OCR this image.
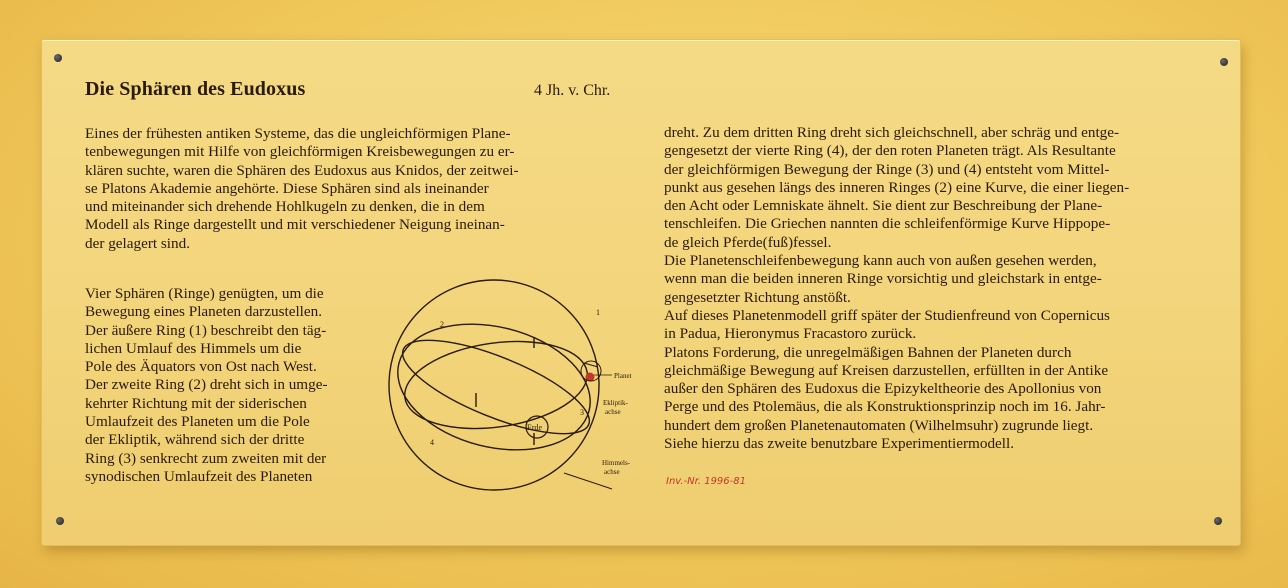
Die Sphären des Eudoxus	4 Jh. v. Chr.
Eines der frühesten antiken Systeme, das die ungleichförmigen Plane-
tenbewegungen mit Hilfe von gleichförmigen Kreisbewegungen zu er-
klären suchte, waren die Sphären des Eudoxus aus Knidos, der zeitwei-
se Platons Akademie angehörte. Diese Sphären sind als ineinander
und miteinander sich drehende Hohlkugeln zu denken, die in dem
Modell als Ringe dargestellt und mit verschiedener Neigung ineinan-
der gelagert sind.
Vier Sphären (Ringe) genügten, um die
Bewegung eines Planeten darzustellen.
Der äußere Ring (1) beschreibt den täg-
lichen Umlauf des Himmels um die
Pole des Äquators von Ost nach West.
Der zweite Ring (2) dreht sich in umge-
kehrter Richtung mit der siderischen
Umlaufzeit des Planeten um die Pole
der Ekliptik, während sich der dritte
Ring (3) senkrecht zum zweiten mit der
synodischen Umlaufzeit des Planeten
Erde
Planet
Ekliptik-
achse
Himmels-
achse
1
2
3
4
dreht. Zu dem dritten Ring dreht sich gleichschnell, aber schräg und entge-
gengesetzt der vierte Ring (4), der den roten Planeten trägt. Als Resultante
der gleichförmigen Bewegung der Ringe (3) und (4) entsteht vom Mittel-
punkt aus gesehen längs des inneren Ringes (2) eine Kurve, die einer liegen-
den Acht oder Lemniskate ähnelt. Sie dient zur Beschreibung der Plane-
tenschleifen. Die Griechen nannten die schleifenförmige Kurve Hippope-
de gleich Pferde(fuß)fessel.
Die Planetenschleifenbewegung kann auch von außen gesehen werden,
wenn man die beiden inneren Ringe vorsichtig und gleichstark in entge-
gengesetzter Richtung anstößt.
Auf dieses Planetenmodell griff später der Studienfreund von Copernicus
in Padua, Hieronymus Fracastoro zurück.
Platons Forderung, die unregelmäßigen Bahnen der Planeten durch
gleichmäßige Bewegung auf Kreisen darzustellen, erfüllten in der Antike
außer den Sphären des Eudoxus die Epizykeltheorie des Apollonius von
Perge und des Ptolemäus, die als Konstruktionsprinzip noch im 16. Jahr-
hundert dem großen Planetenautomaten (Wilhelmsuhr) zugrunde liegt.
Siehe hierzu das zweite benutzbare Experimentiermodell.
Inv.-Nr. 1996-81
